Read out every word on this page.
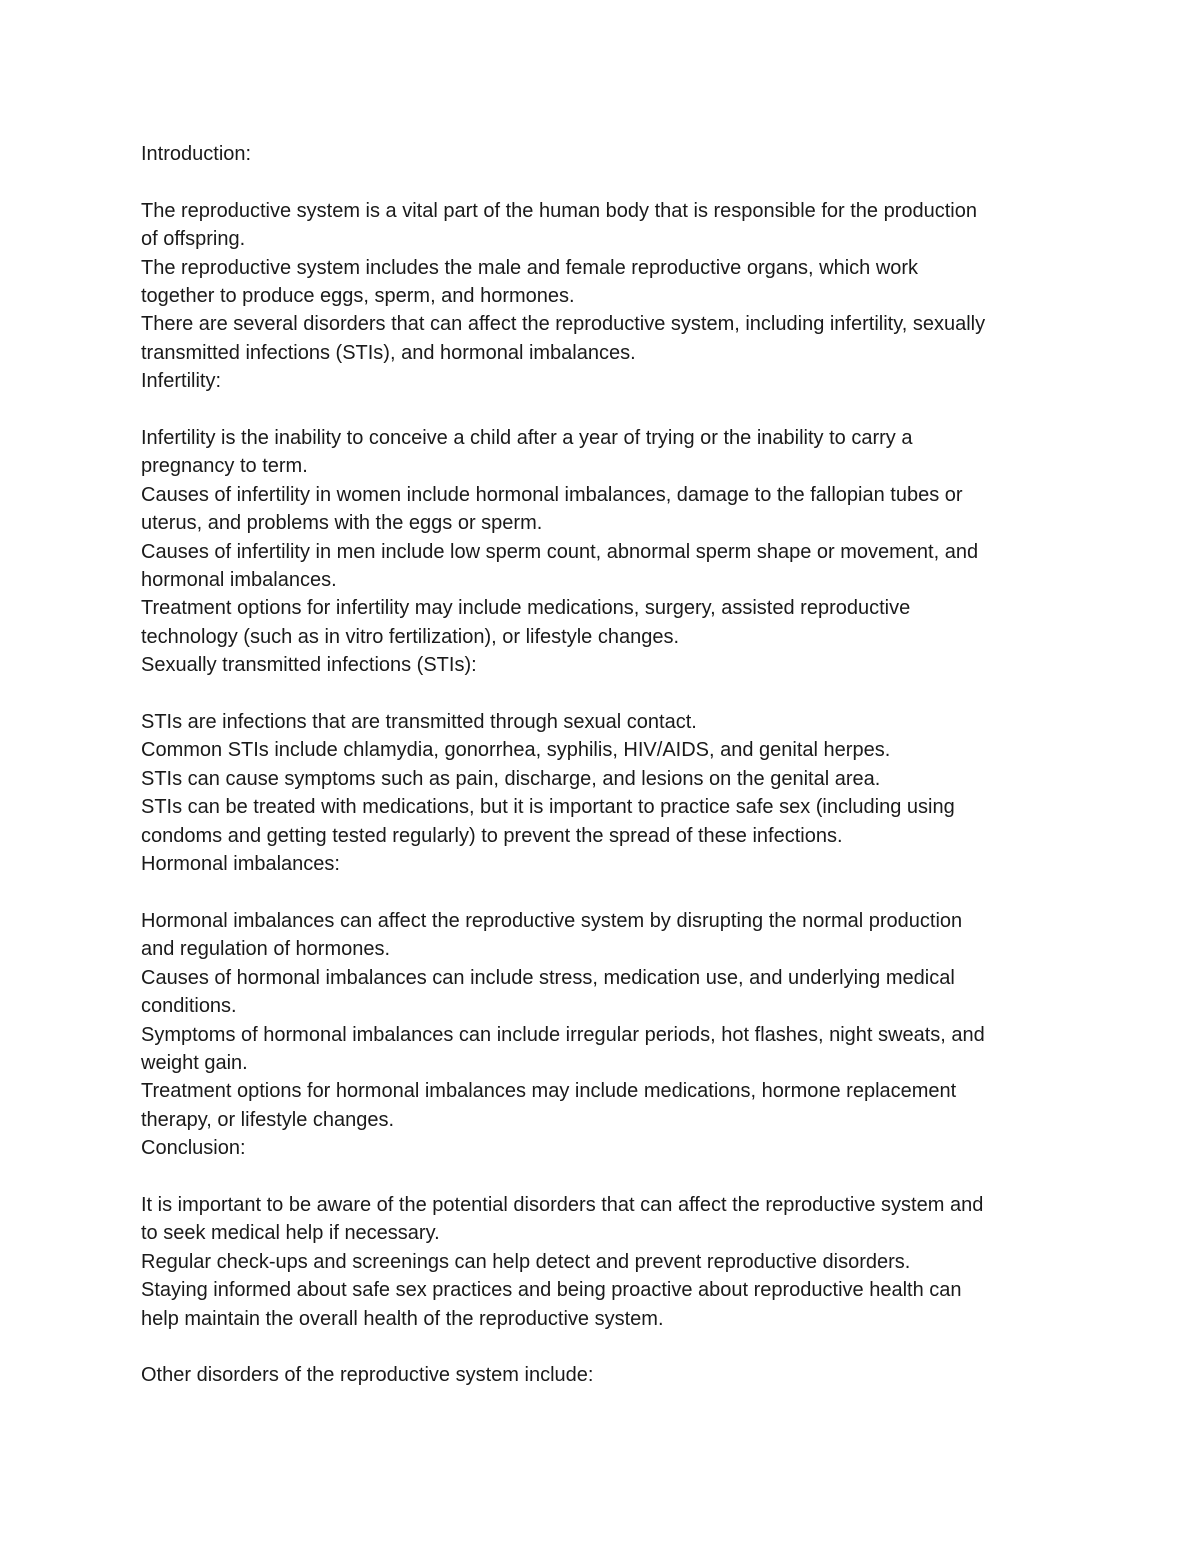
Introduction:
The reproductive system is a vital part of the human body that is responsible for the production
of offspring.
The reproductive system includes the male and female reproductive organs, which work
together to produce eggs, sperm, and hormones.
There are several disorders that can affect the reproductive system, including infertility, sexually
transmitted infections (STIs), and hormonal imbalances.
Infertility:
Infertility is the inability to conceive a child after a year of trying or the inability to carry a
pregnancy to term.
Causes of infertility in women include hormonal imbalances, damage to the fallopian tubes or
uterus, and problems with the eggs or sperm.
Causes of infertility in men include low sperm count, abnormal sperm shape or movement, and
hormonal imbalances.
Treatment options for infertility may include medications, surgery, assisted reproductive
technology (such as in vitro fertilization), or lifestyle changes.
Sexually transmitted infections (STIs):
STIs are infections that are transmitted through sexual contact.
Common STIs include chlamydia, gonorrhea, syphilis, HIV/AIDS, and genital herpes.
STIs can cause symptoms such as pain, discharge, and lesions on the genital area.
STIs can be treated with medications, but it is important to practice safe sex (including using
condoms and getting tested regularly) to prevent the spread of these infections.
Hormonal imbalances:
Hormonal imbalances can affect the reproductive system by disrupting the normal production
and regulation of hormones.
Causes of hormonal imbalances can include stress, medication use, and underlying medical
conditions.
Symptoms of hormonal imbalances can include irregular periods, hot flashes, night sweats, and
weight gain.
Treatment options for hormonal imbalances may include medications, hormone replacement
therapy, or lifestyle changes.
Conclusion:
It is important to be aware of the potential disorders that can affect the reproductive system and
to seek medical help if necessary.
Regular check-ups and screenings can help detect and prevent reproductive disorders.
Staying informed about safe sex practices and being proactive about reproductive health can
help maintain the overall health of the reproductive system.
Other disorders of the reproductive system include:
